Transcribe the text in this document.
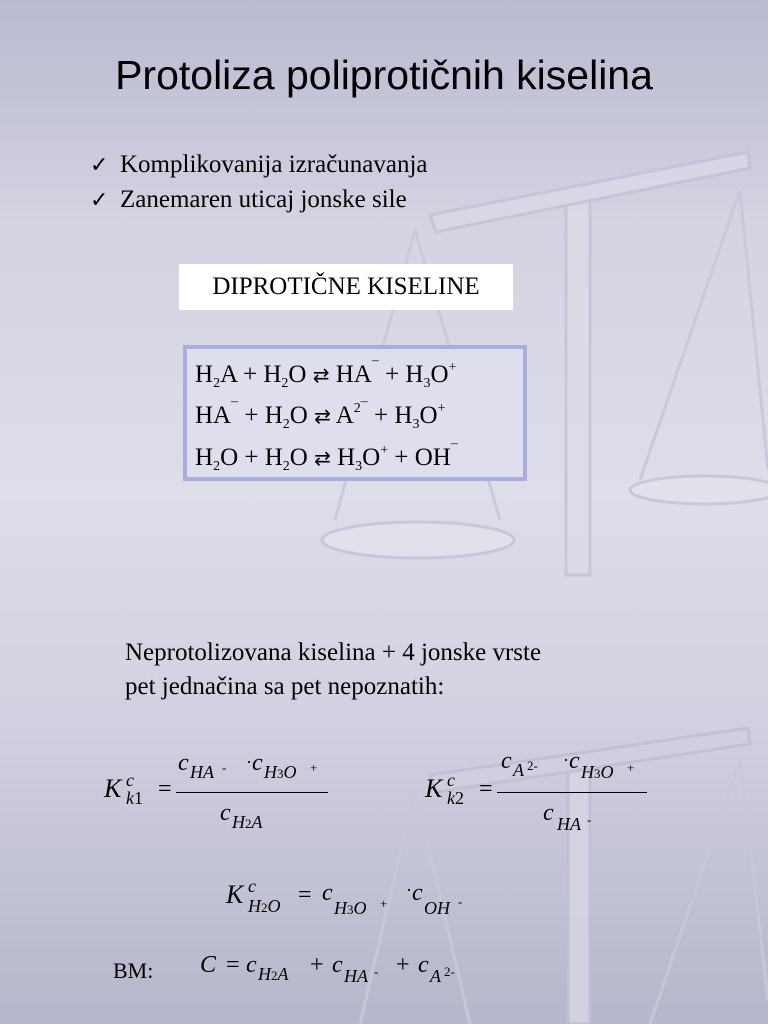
Protoliza poliprotičnih kiselina
✓ Komplikovanija izračunavanja
✓ Zanemaren uticaj jonske sile
DIPROTIČNE KISELINE
$H_2A + H_2O$ ⇄ $HA^¯ + H_3O^+$
$HA^¯ + H_2O$ ⇄ $A^{2¯} + H_3O^+$
$H_2O + H_2O$ ⇄ $H_3O^+ + OH^¯$
Neprotolizovana kiselina + 4 jonske vrste
pet jednačina sa pet nepoznatih:
K c
k1 =
c HA - · c H3O +
c H2A
K c
k2 =
c A 2- · c H3O +
c HA -
K c
H2O = c
H3O +
· c
OH -
BM: C = c H2A + c HA - + c A 2-
